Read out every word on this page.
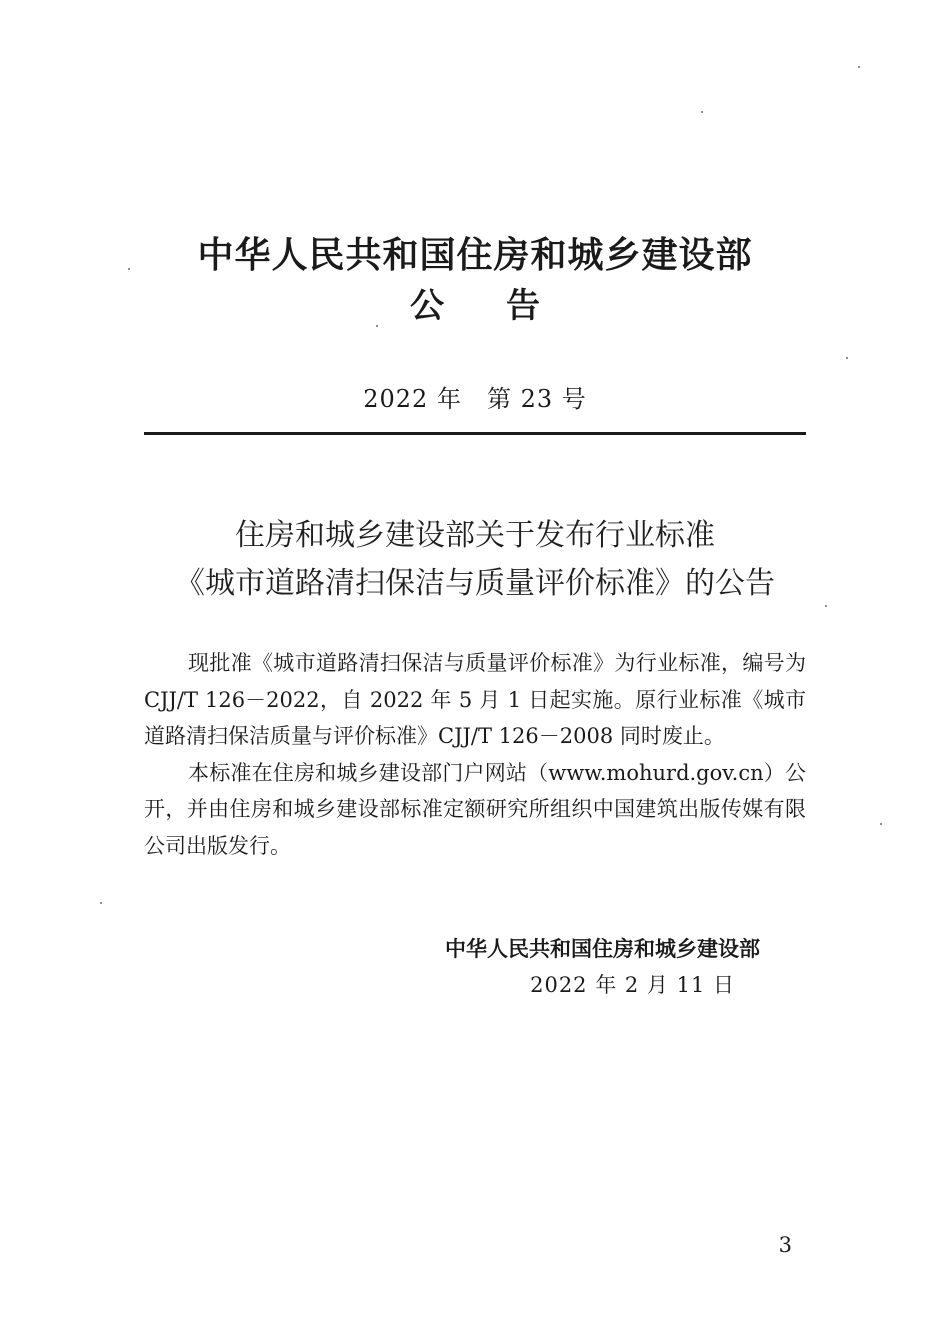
中华人民共和国住房和城乡建设部
公 告
2022 年　第 23 号
住房和城乡建设部关于发布行业标准
《城市道路清扫保洁与质量评价标准》的公告

现批准《城市道路清扫保洁与质量评价标准》为行业标准，编号为 CJJ/T 126－2022，自 2022 年 5 月 1 日起实施。原行业标准《城市道路清扫保洁质量与评价标准》CJJ/T 126－2008 同时废止。

本标准在住房和城乡建设部门户网站（www.mohurd.gov.cn）公开，并由住房和城乡建设部标准定额研究所组织中国建筑出版传媒有限公司出版发行。

中华人民共和国住房和城乡建设部
2022 年 2 月 11 日
3
